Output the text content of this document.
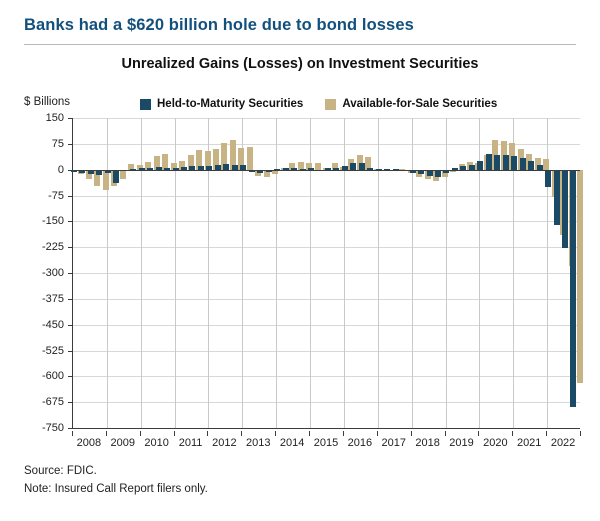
Banks had a $620 billion hole due to bond losses
Unrealized Gains (Losses) on Investment Securities
$ Billions	Held-to-Maturity Securities	Available-for-Sale Securities
150
75
0
-75
-150
-225
-300
-375
-450
-525
-600
-675
-750
2008 2009 2010 2011 2012 2013 2014 2015 2016 2017 2018 2019 2020 2021 2022
Source: FDIC.
Note: Insured Call Report filers only.
